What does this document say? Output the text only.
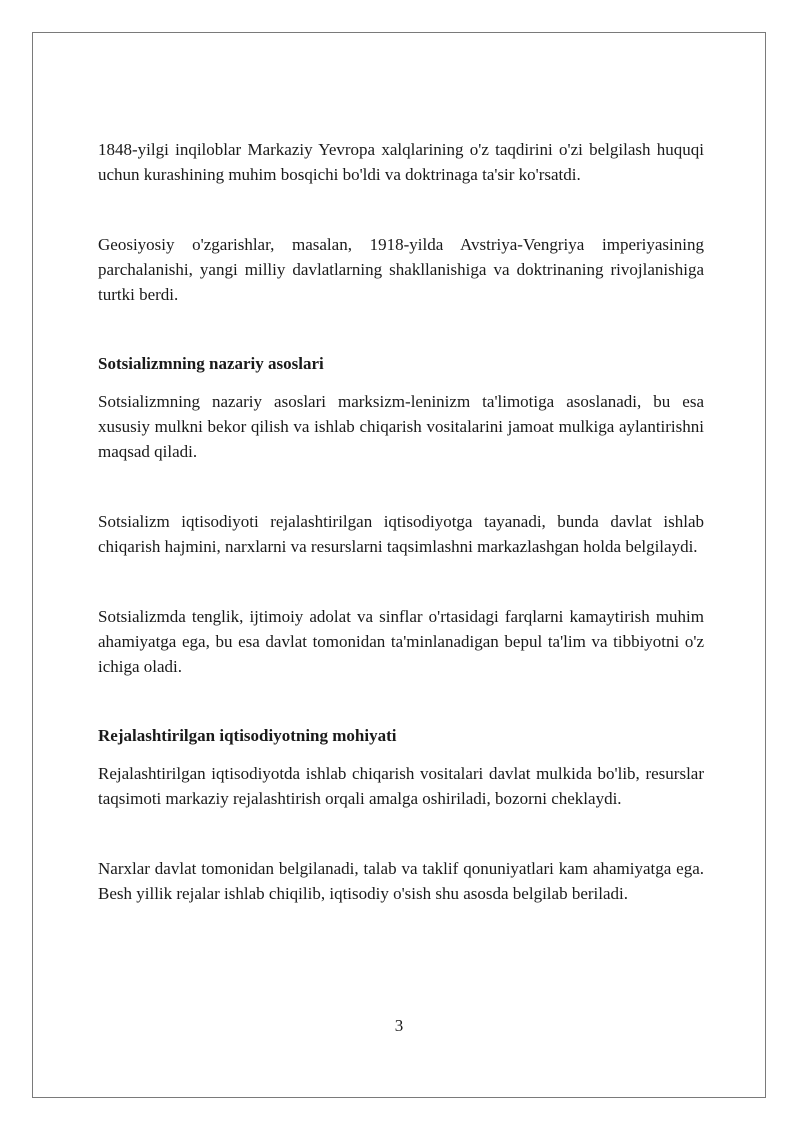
1848-yilgi inqiloblar Markaziy Yevropa xalqlarining o'z taqdirini o'zi belgilash huquqi uchun kurashining muhim bosqichi bo'ldi va doktrinaga ta'sir ko'rsatdi.

Geosiyosiy o'zgarishlar, masalan, 1918-yilda Avstriya-Vengriya imperiyasining parchalanishi, yangi milliy davlatlarning shakllanishiga va doktrinaning rivojlanishiga turtki berdi.

Sotsializmning nazariy asoslari

Sotsializmning nazariy asoslari marksizm-leninizm ta'limotiga asoslanadi, bu esa xususiy mulkni bekor qilish va ishlab chiqarish vositalarini jamoat mulkiga aylantirishni maqsad qiladi.

Sotsializm iqtisodiyoti rejalashtirilgan iqtisodiyotga tayanadi, bunda davlat ishlab chiqarish hajmini, narxlarni va resurslarni taqsimlashni markazlashgan holda belgilaydi.

Sotsializmda tenglik, ijtimoiy adolat va sinflar o'rtasidagi farqlarni kamaytirish muhim ahamiyatga ega, bu esa davlat tomonidan ta'minlanadigan bepul ta'lim va tibbiyotni o'z ichiga oladi.

Rejalashtirilgan iqtisodiyotning mohiyati

Rejalashtirilgan iqtisodiyotda ishlab chiqarish vositalari davlat mulkida bo'lib, resurslar taqsimoti markaziy rejalashtirish orqali amalga oshiriladi, bozorni cheklaydi.

Narxlar davlat tomonidan belgilanadi, talab va taklif qonuniyatlari kam ahamiyatga ega. Besh yillik rejalar ishlab chiqilib, iqtisodiy o'sish shu asosda belgilab beriladi.

3
